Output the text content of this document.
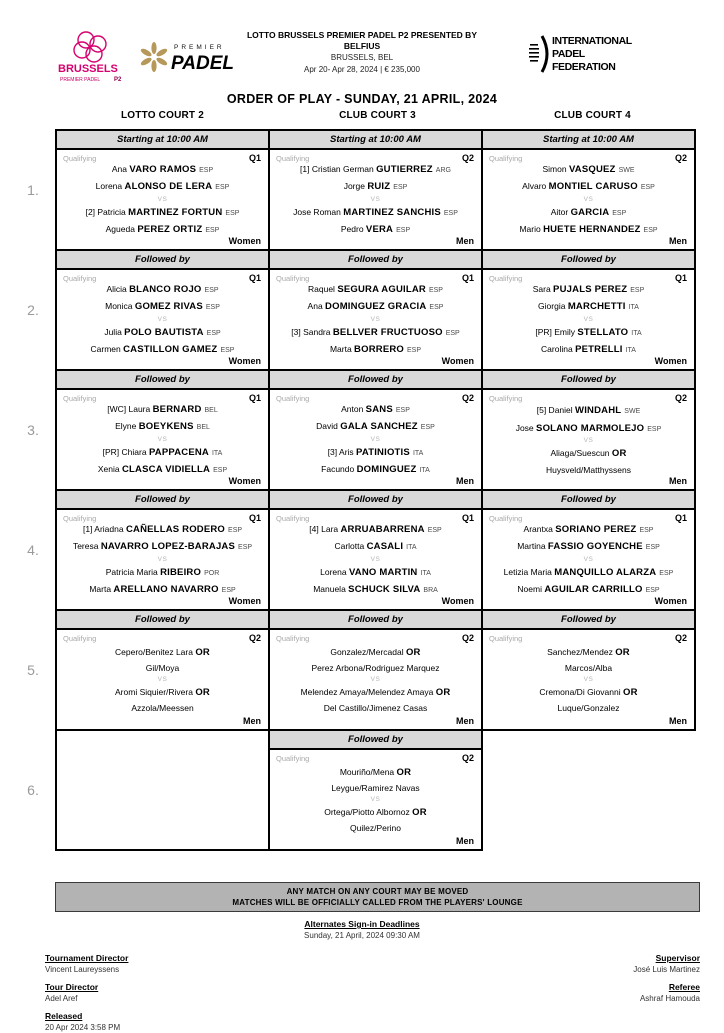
BRUSSELS
PREMIER PADEL P2
PREMIER
PADEL
LOTTO BRUSSELS PREMIER PADEL P2 PRESENTED BY
BELFIUS
BRUSSELS, BEL
Apr 20- Apr 28, 2024 | € 235,000
INTERNATIONAL
PADEL
FEDERATION
ORDER OF PLAY - SUNDAY, 21 APRIL, 2024
LOTTO COURT 2	CLUB COURT 3	CLUB COURT 4
1.
2.
3.
4.
5.
6.
Starting at 10:00 AM
Qualifying	Q1
Ana VARO RAMOS ESP
Lorena ALONSO DE LERA ESP
VS
[2] Patricia MARTINEZ FORTUN ESP
Agueda PEREZ ORTIZ ESP
Women
Starting at 10:00 AM
Qualifying	Q2
[1] Cristian German GUTIERREZ ARG
Jorge RUIZ ESP
VS
Jose Roman MARTINEZ SANCHIS ESP
Pedro VERA ESP
Men
Starting at 10:00 AM
Qualifying	Q2
Simon VASQUEZ SWE
Alvaro MONTIEL CARUSO ESP
VS
Aitor GARCIA ESP
Mario HUETE HERNANDEZ ESP
Men
Followed by
Qualifying	Q1
Alicia BLANCO ROJO ESP
Monica GOMEZ RIVAS ESP
VS
Julia POLO BAUTISTA ESP
Carmen CASTILLON GAMEZ ESP
Women
Followed by
Qualifying	Q1
Raquel SEGURA AGUILAR ESP
Ana DOMINGUEZ GRACIA ESP
VS
[3] Sandra BELLVER FRUCTUOSO ESP
Marta BORRERO ESP
Women
Followed by
Qualifying	Q1
Sara PUJALS PEREZ ESP
Giorgia MARCHETTI ITA
VS
[PR] Emily STELLATO ITA
Carolina PETRELLI ITA
Women
Followed by
Qualifying	Q1
[WC] Laura BERNARD BEL
Elyne BOEYKENS BEL
VS
[PR] Chiara PAPPACENA ITA
Xenia CLASCA VIDIELLA ESP
Women
Followed by
Qualifying	Q2
Anton SANS ESP
David GALA SANCHEZ ESP
VS
[3] Aris PATINIOTIS ITA
Facundo DOMINGUEZ ITA
Men
Followed by
Qualifying	Q2
[5] Daniel WINDAHL SWE
Jose SOLANO MARMOLEJO ESP
VS
Aliaga/Suescun OR
Huysveld/Matthyssens
Men
Followed by
Qualifying	Q1
[1] Ariadna CAÑELLAS RODERO ESP
Teresa NAVARRO LOPEZ-BARAJAS ESP
VS
Patricia Maria RIBEIRO POR
Marta ARELLANO NAVARRO ESP
Women
Followed by
Qualifying	Q1
[4] Lara ARRUABARRENA ESP
Carlotta CASALI ITA
VS
Lorena VANO MARTIN ITA
Manuela SCHUCK SILVA BRA
Women
Followed by
Qualifying	Q1
Arantxa SORIANO PEREZ ESP
Martina FASSIO GOYENCHE ESP
VS
Letizia Maria MANQUILLO ALARZA ESP
Noemi AGUILAR CARRILLO ESP
Women
Followed by
Qualifying	Q2
Cepero/Benitez Lara OR
Gil/Moya
VS
Aromi Siquier/Rivera OR
Azzola/Meessen
Men
Followed by
Qualifying	Q2
Gonzalez/Mercadal OR
Perez Arbona/Rodriguez Marquez
VS
Melendez Amaya/Melendez Amaya OR
Del Castillo/Jimenez Casas
Men
Followed by
Qualifying	Q2
Sanchez/Mendez OR
Marcos/Alba
VS
Cremona/Di Giovanni OR
Luque/Gonzalez
Men
Followed by
Qualifying	Q2
Mouriño/Mena OR
Leygue/Ramirez Navas
VS
Ortega/Piotto Albornoz OR
Quilez/Perino
Men
ANY MATCH ON ANY COURT MAY BE MOVED
MATCHES WILL BE OFFICIALLY CALLED FROM THE PLAYERS' LOUNGE
Alternates Sign-in Deadlines
Sunday, 21 April, 2024 09:30 AM
Tournament Director
Vincent Laureyssens
Tour Director
Adel Aref
Released
20 Apr 2024 3:58 PM
Supervisor
José Luis Martinez
Referee
Ashraf Hamouda
